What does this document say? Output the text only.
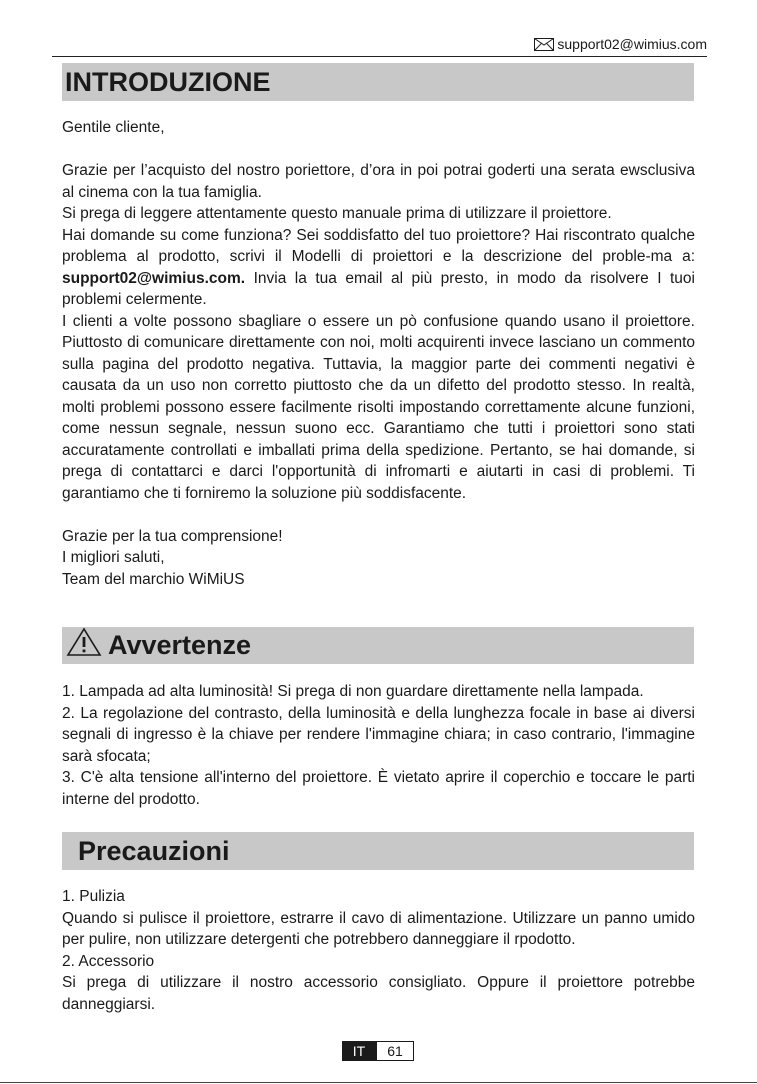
support02@wimius.com
INTRODUZIONE

Gentile cliente,

Grazie per l’acquisto del nostro poriettore, d’ora in poi potrai goderti una serata ewsclusiva al cinema con la tua famiglia.

Si prega di leggere attentamente questo manuale prima di utilizzare il proiettore.

Hai domande su come funziona? Sei soddisfatto del tuo proiettore? Hai riscontrato qualche problema al prodotto, scrivi il Modelli di proiettori e la descrizione del proble-ma a: support02@wimius.com. Invia la tua email al più presto, in modo da risolvere I tuoi problemi celermente.

I clienti a volte possono sbagliare o essere un pò confusione quando usano il proiettore. Piuttosto di comunicare direttamente con noi, molti acquirenti invece lasciano un commento sulla pagina del prodotto negativa. Tuttavia, la maggior parte dei commenti negativi è causata da un uso non corretto piuttosto che da un difetto del prodotto stesso. In realtà, molti problemi possono essere facilmente risolti impostando correttamente alcune funzioni, come nessun segnale, nessun suono ecc. Garantiamo che tutti i proiettori sono stati accuratamente controllati e imballati prima della spedizione. Pertanto, se hai domande, si prega di contattarci e darci l'opportunità di infromarti e aiutarti in casi di problemi. Ti garantiamo che ti forniremo la soluzione più soddisfacente.

Grazie per la tua comprensione!

I migliori saluti,

Team del marchio WiMiUS

Avvertenze

1. Lampada ad alta luminosità! Si prega di non guardare direttamente nella lampada.

2. La regolazione del contrasto, della luminosità e della lunghezza focale in base ai diversi segnali di ingresso è la chiave per rendere l'immagine chiara; in caso contrario, l'immagine sarà sfocata;

3. C'è alta tensione all'interno del proiettore. È vietato aprire il coperchio e toccare le parti interne del prodotto.

Precauzioni

1. Pulizia

Quando si pulisce il proiettore, estrarre il cavo di alimentazione. Utilizzare un panno umido per pulire, non utilizzare detergenti che potrebbero danneggiare il rpodotto.

2. Accessorio

Si prega di utilizzare il nostro accessorio consigliato. Oppure il proiettore potrebbe danneggiarsi.

IT	61
